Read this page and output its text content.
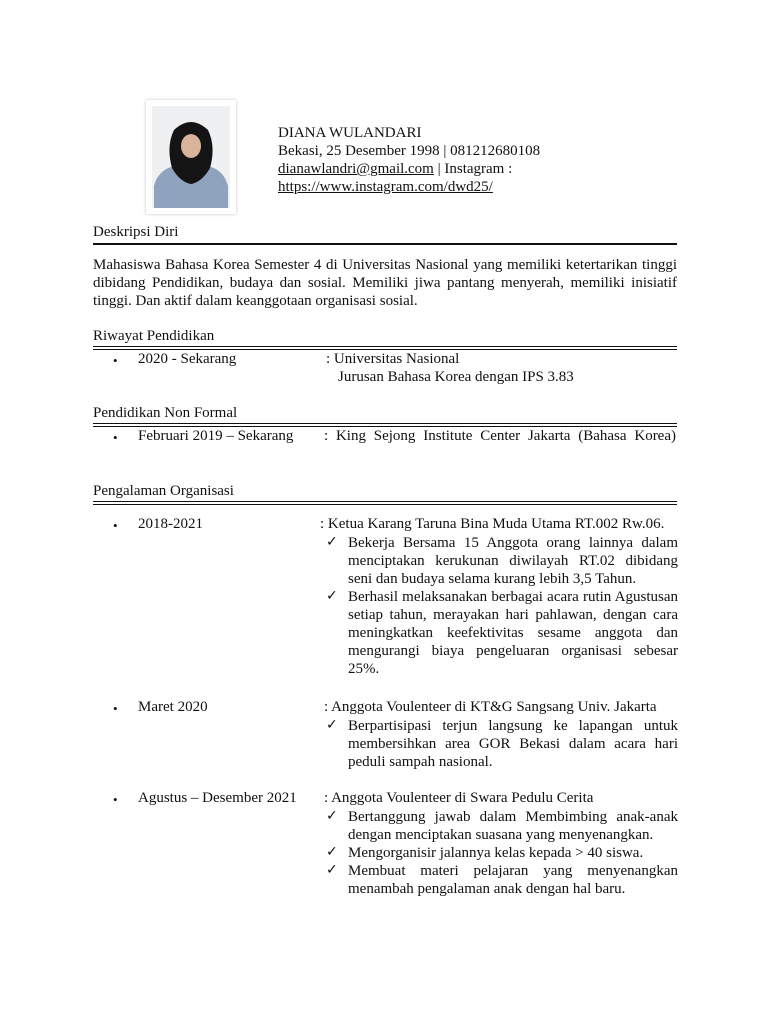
DIANA WULANDARI
Bekasi, 25 Desember 1998 | 081212680108
dianawlandri@gmail.com | Instagram :
https://www.instagram.com/dwd25/
Deskripsi Diri
Mahasiswa Bahasa Korea Semester 4 di Universitas Nasional yang memiliki ketertarikan tinggi dibidang Pendidikan, budaya dan sosial. Memiliki jiwa pantang menyerah, memiliki inisiatif tinggi. Dan aktif dalam keanggotaan organisasi sosial.
Riwayat Pendidikan
• 2020 - Sekarang	: Universitas Nasional
Jurusan Bahasa Korea dengan IPS 3.83
Pendidikan Non Formal
• Februari 2019 – Sekarang : King Sejong Institute Center Jakarta (Bahasa Korea)
Pengalaman Organisasi
• 2018-2021	: Ketua Karang Taruna Bina Muda Utama RT.002 Rw.06.
✓ Bekerja Bersama 15 Anggota orang lainnya dalam menciptakan kerukunan diwilayah RT.02 dibidang seni dan budaya selama kurang lebih 3,5 Tahun.
✓ Berhasil melaksanakan berbagai acara rutin Agustusan setiap tahun, merayakan hari pahlawan, dengan cara meningkatkan keefektivitas sesame anggota dan mengurangi biaya pengeluaran organisasi sebesar 25%.
• Maret 2020	: Anggota Voulenteer di KT&G Sangsang Univ. Jakarta
✓ Berpartisipasi terjun langsung ke lapangan untuk membersihkan area GOR Bekasi dalam acara hari peduli sampah nasional.
• Agustus – Desember 2021 : Anggota Voulenteer di Swara Pedulu Cerita
✓ Bertanggung jawab dalam Membimbing anak-anak dengan menciptakan suasana yang menyenangkan.
✓ Mengorganisir jalannya kelas kepada > 40 siswa.
✓ Membuat materi pelajaran yang menyenangkan menambah pengalaman anak dengan hal baru.
